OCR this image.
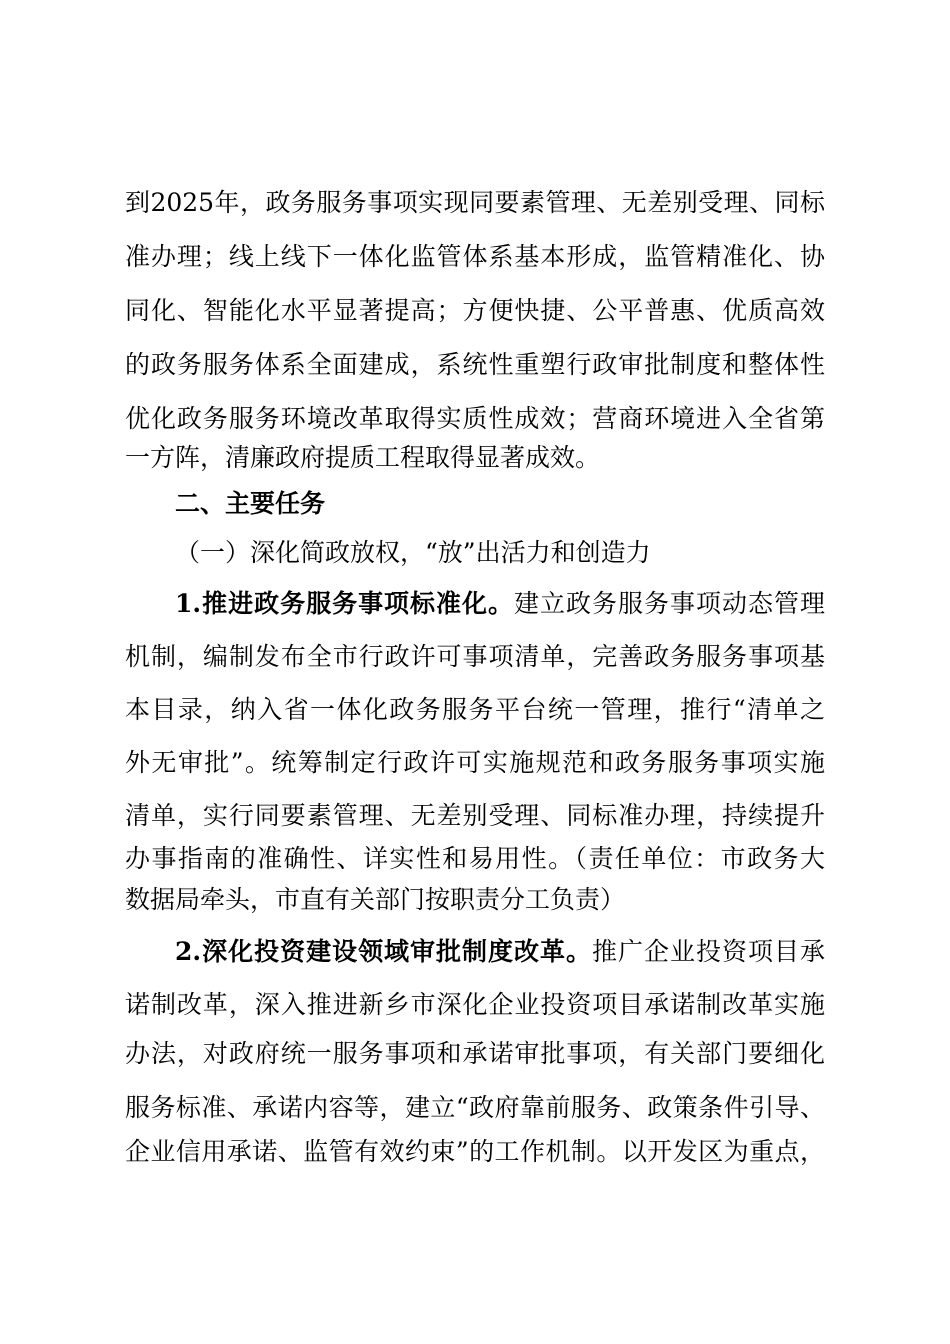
到2025年，政务服务事项实现同要素管理、无差别受理、同标
准办理；线上线下一体化监管体系基本形成，监管精准化、协
同化、智能化水平显著提高；方便快捷、公平普惠、优质高效
的政务服务体系全面建成，系统性重塑行政审批制度和整体性
优化政务服务环境改革取得实质性成效；营商环境进入全省第
一方阵，清廉政府提质工程取得显著成效。
二、主要任务
（一）深化简政放权，“放”出活力和创造力
1.推进政务服务事项标准化。建立政务服务事项动态管理
机制，编制发布全市行政许可事项清单，完善政务服务事项基
本目录，纳入省一体化政务服务平台统一管理，推行“清单之
外无审批”。统筹制定行政许可实施规范和政务服务事项实施
清单，实行同要素管理、无差别受理、同标准办理，持续提升
办事指南的准确性、详实性和易用性。（责任单位：市政务大
数据局牵头，市直有关部门按职责分工负责）
2.深化投资建设领域审批制度改革。推广企业投资项目承
诺制改革，深入推进新乡市深化企业投资项目承诺制改革实施
办法，对政府统一服务事项和承诺审批事项，有关部门要细化
服务标准、承诺内容等，建立“政府靠前服务、政策条件引导、
企业信用承诺、监管有效约束”的工作机制。以开发区为重点，
